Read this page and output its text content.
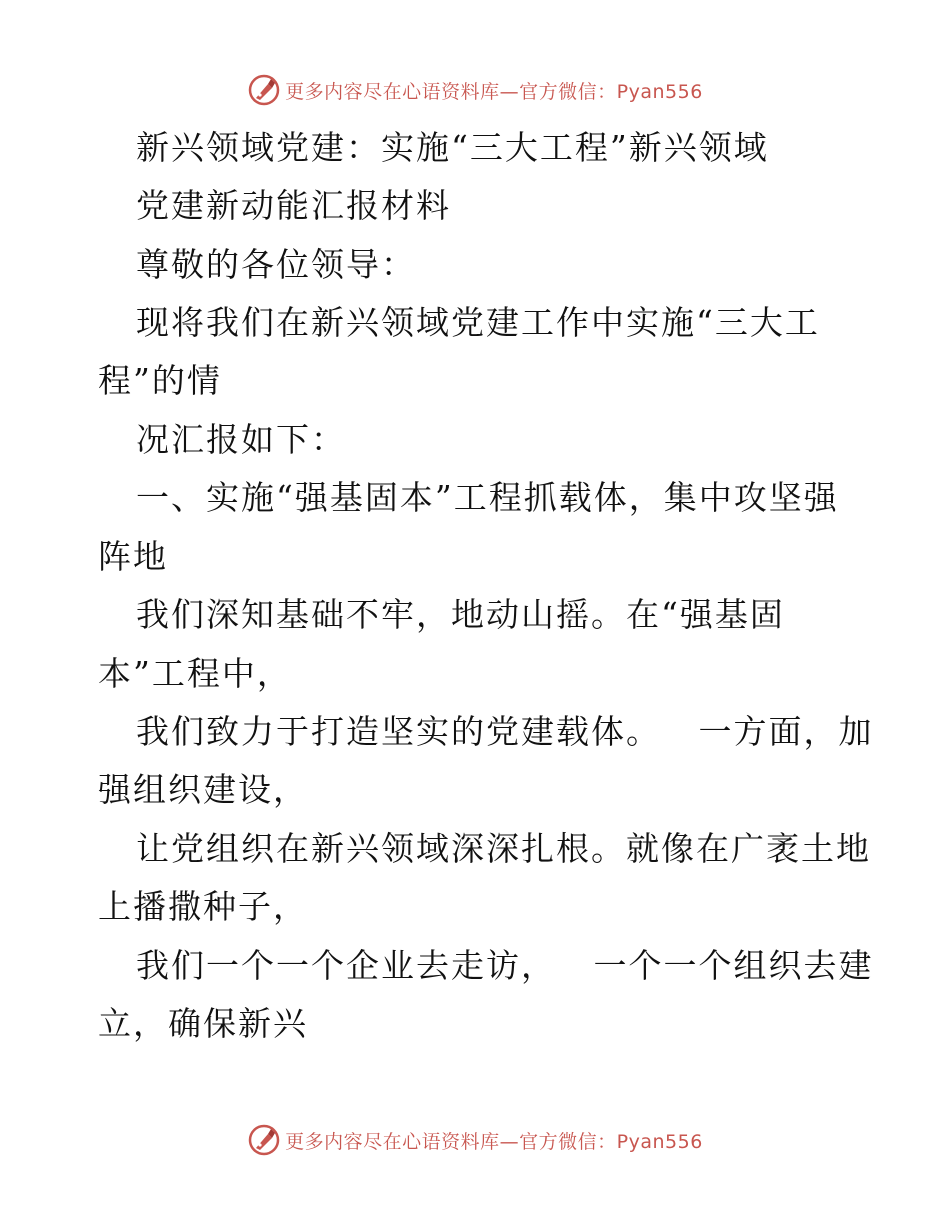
更多内容尽在心语资料库—官方微信：Pyan556
新兴领域党建：实施“三大工程”新兴领域
党建新动能汇报材料
尊敬的各位领导：
现将我们在新兴领域党建工作中实施“三大工
程”的情
况汇报如下：
一、实施“强基固本”工程抓载体，集中攻坚强
阵地
我们深知基础不牢，地动山摇。在“强基固
本”工程中，
我们致力于打造坚实的党建载体。   一方面，加
强组织建设，
让党组织在新兴领域深深扎根。就像在广袤土地
上播撒种子，
我们一个一个企业去走访，   一个一个组织去建
立，确保新兴
更多内容尽在心语资料库—官方微信：Pyan556
